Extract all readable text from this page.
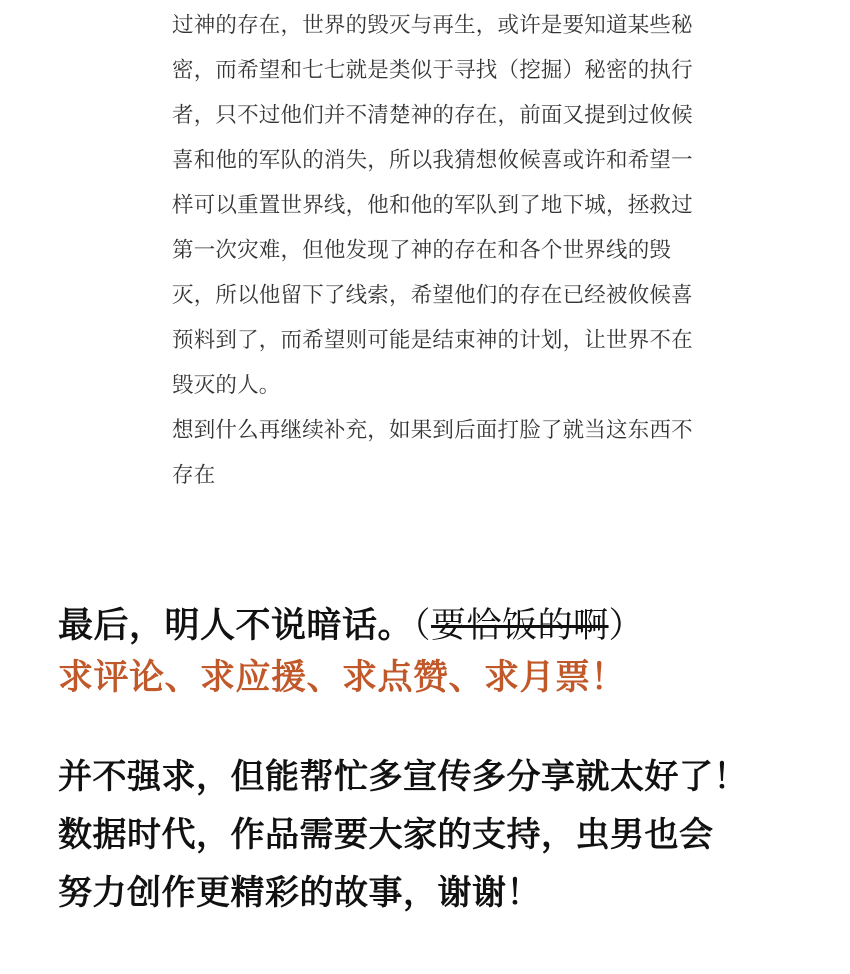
过神的存在，世界的毁灭与再生，或许是要知道某些秘

密，而希望和七七就是类似于寻找（挖掘）秘密的执行

者，只不过他们并不清楚神的存在，前面又提到过攸候

喜和他的军队的消失，所以我猜想攸候喜或许和希望一

样可以重置世界线，他和他的军队到了地下城，拯救过

第一次灾难，但他发现了神的存在和各个世界线的毁

灭，所以他留下了线索，希望他们的存在已经被攸候喜

预料到了，而希望则可能是结束神的计划，让世界不在

毁灭的人。

想到什么再继续补充，如果到后面打脸了就当这东西不

存在

最后，明人不说暗话。（要恰饭的啊）

求评论、求应援、求点赞、求月票！

并不强求，但能帮忙多宣传多分享就太好了！

数据时代，作品需要大家的支持，虫男也会

努力创作更精彩的故事，谢谢！
